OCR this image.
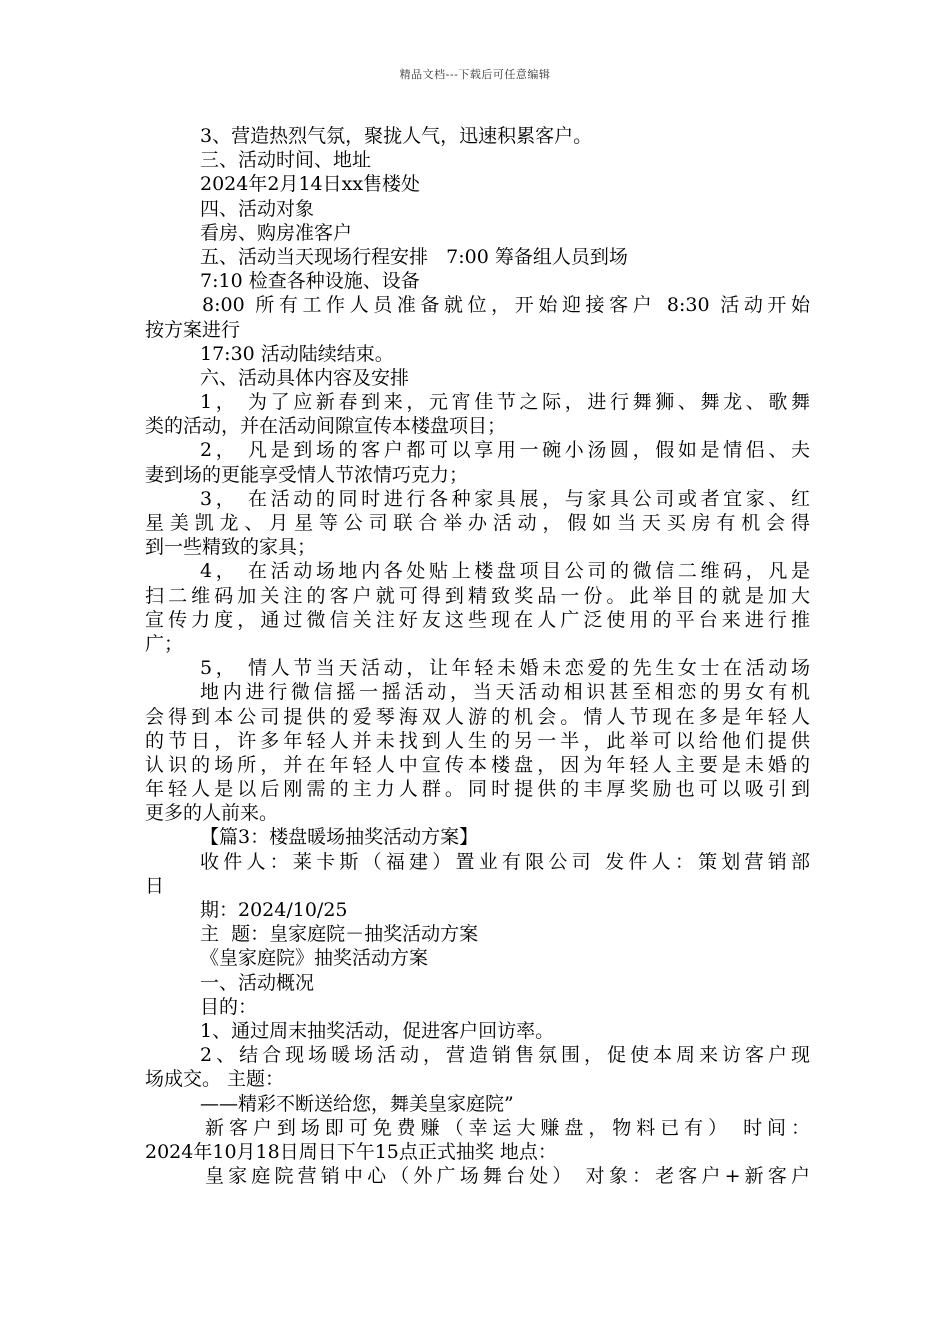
精品文档---下载后可任意编辑
3、营造热烈气氛，聚拢人气，迅速积累客户。
三、活动时间、地址
2024年2月14日xx售楼处
四、活动对象
看房、购房准客户
五、活动当天现场行程安排   7:00 筹备组人员到场
7:10 检查各种设施、设备
8:00 所有工作人员准备就位，开始迎接客户 8:30 活动开始
按方案进行
17:30 活动陆续结束。
六、活动具体内容及安排
1， 为了应新春到来，元宵佳节之际，进行舞狮、舞龙、歌舞
类的活动，并在活动间隙宣传本楼盘项目；
2， 凡是到场的客户都可以享用一碗小汤圆，假如是情侣、夫
妻到场的更能享受情人节浓情巧克力；
3， 在活动的同时进行各种家具展，与家具公司或者宜家、红
星美凯龙、月星等公司联合举办活动，假如当天买房有机会得
到一些精致的家具；
4， 在活动场地内各处贴上楼盘项目公司的微信二维码，凡是
扫二维码加关注的客户就可得到精致奖品一份。此举目的就是加大
宣传力度，通过微信关注好友这些现在人广泛使用的平台来进行推
广；
5， 情人节当天活动，让年轻未婚未恋爱的先生女士在活动场
地内进行微信摇一摇活动，当天活动相识甚至相恋的男女有机
会得到本公司提供的爱琴海双人游的机会。情人节现在多是年轻人
的节日，许多年轻人并未找到人生的另一半，此举可以给他们提供
认识的场所，并在年轻人中宣传本楼盘，因为年轻人主要是未婚的
年轻人是以后刚需的主力人群。同时提供的丰厚奖励也可以吸引到
更多的人前来。
【篇3：楼盘暖场抽奖活动方案】
收件人：莱卡斯（福建）置业有限公司 发件人：策划营销部
日
期：2024/10/25
主  题：皇家庭院－抽奖活动方案
《皇家庭院》抽奖活动方案
一、活动概况
目的：
1、通过周末抽奖活动，促进客户回访率。
2、结合现场暖场活动，营造销售氛围，促使本周来访客户现
场成交。 主题：
——精彩不断送给您，舞美皇家庭院”
新客户到场即可免费赚（幸运大赚盘，物料已有） 时间：
2024年10月18日周日下午15点正式抽奖 地点：
皇家庭院营销中心（外广场舞台处） 对象：老客户+新客户
